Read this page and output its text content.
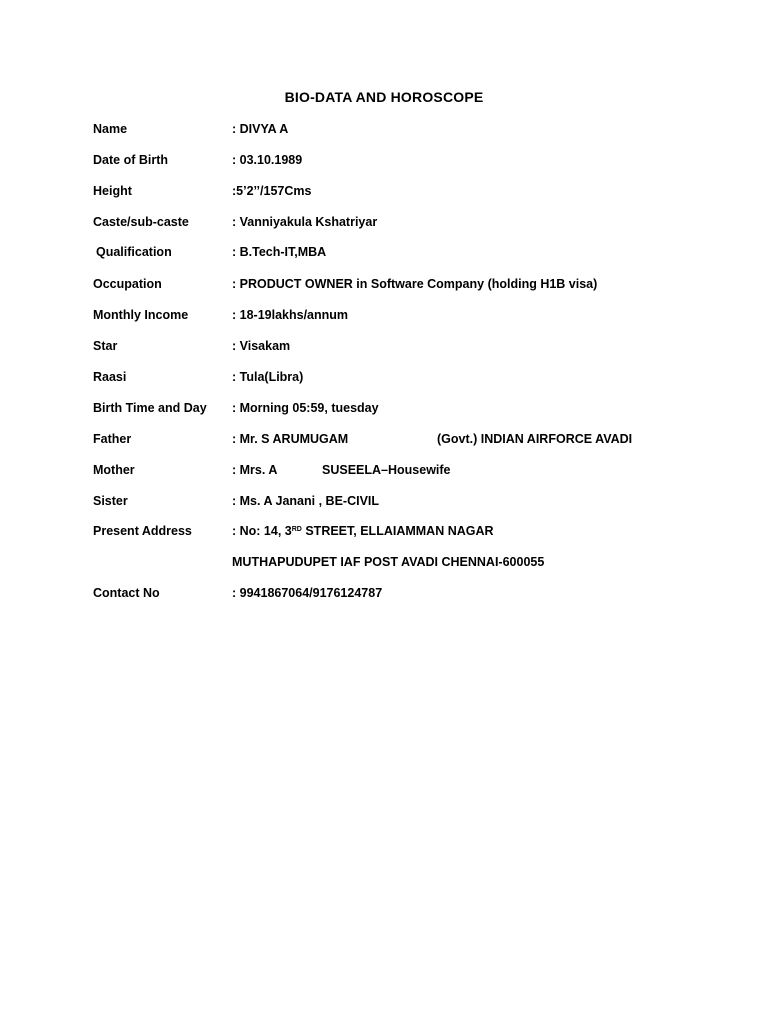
BIO-DATA AND HOROSCOPE
Name	: DIVYA A
Date of Birth	: 03.10.1989
Height	:5’2’’/157Cms
Caste/sub-caste	: Vanniyakula Kshatriyar
Qualification	: B.Tech-IT,MBA
Occupation	: PRODUCT OWNER in Software Company (holding H1B visa)
Monthly Income	: 18-19lakhs/annum
Star	: Visakam
Raasi	: Tula(Libra)
Birth Time and Day : Morning 05:59, tuesday
Father	: Mr. S ARUMUGAM	(Govt.) INDIAN AIRFORCE AVADI
Mother	: Mrs. A	SUSEELA–Housewife
Sister	: Ms. A Janani , BE-CIVIL
Present Address	: No: 14, 3RD STREET, ELLAIAMMAN NAGAR
MUTHAPUDUPET IAF POST AVADI CHENNAI-600055
Contact No	: 9941867064/9176124787
